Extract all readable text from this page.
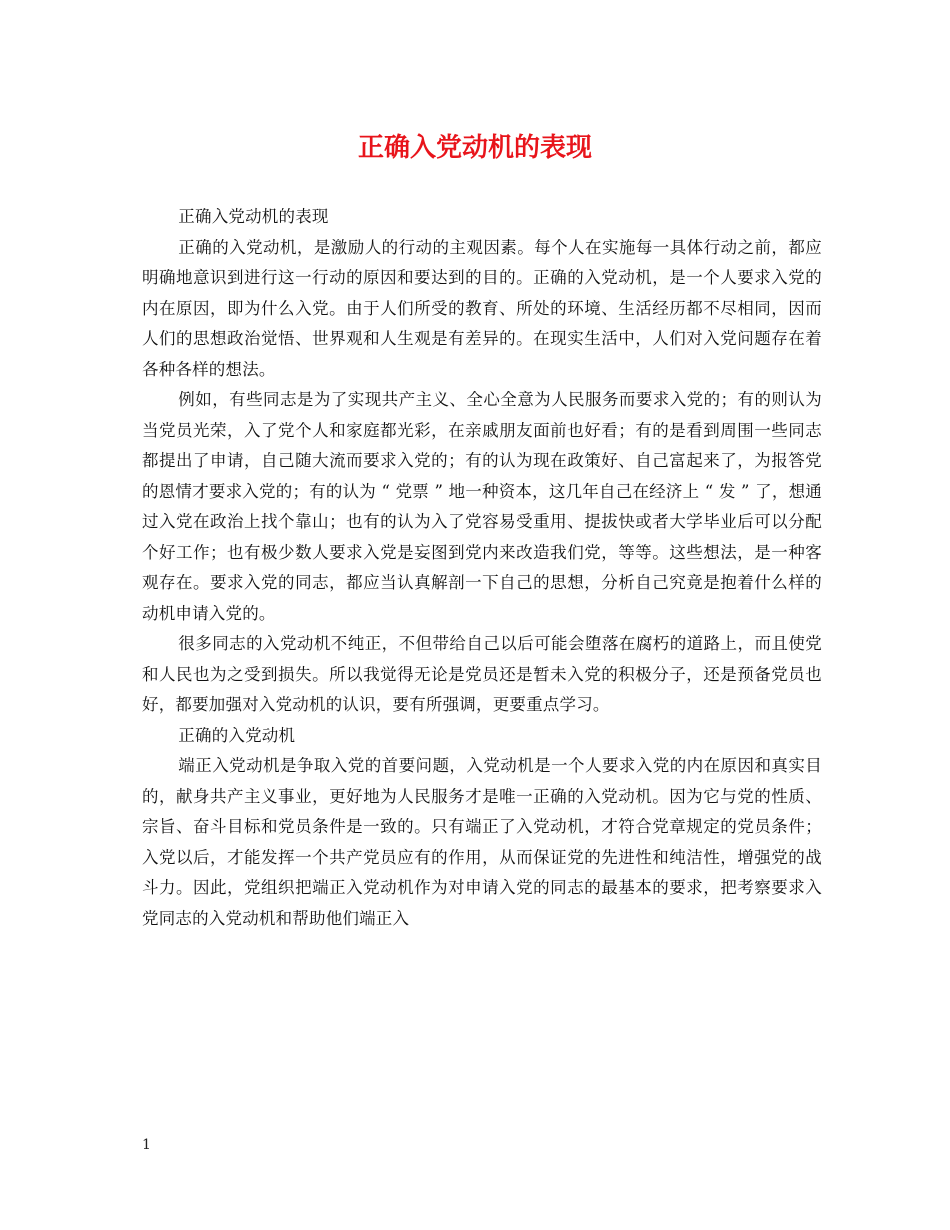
正确入党动机的表现

正确入党动机的表现

正确的入党动机，是激励人的行动的主观因素。每个人在实施每一具体行动之前，都应明确地意识到进行这一行动的原因和要达到的目的。正确的入党动机，是一个人要求入党的内在原因，即为什么入党。由于人们所受的教育、所处的环境、生活经历都不尽相同，因而人们的思想政治觉悟、世界观和人生观是有差异的。在现实生活中，人们对入党问题存在着各种各样的想法。

例如，有些同志是为了实现共产主义、全心全意为人民服务而要求入党的；有的则认为当党员光荣，入了党个人和家庭都光彩，在亲戚朋友面前也好看；有的是看到周围一些同志都提出了申请，自己随大流而要求入党的；有的认为现在政策好、自己富起来了，为报答党的恩情才要求入党的；有的认为 “ 党票 ” 地一种资本，这几年自己在经济上 “ 发 ” 了，想通过入党在政治上找个靠山；也有的认为入了党容易受重用、提拔快或者大学毕业后可以分配个好工作；也有极少数人要求入党是妄图到党内来改造我们党，等等。这些想法，是一种客观存在。要求入党的同志，都应当认真解剖一下自己的思想，分析自己究竟是抱着什么样的动机申请入党的。

很多同志的入党动机不纯正，不但带给自己以后可能会堕落在腐朽的道路上，而且使党和人民也为之受到损失。所以我觉得无论是党员还是暂未入党的积极分子，还是预备党员也好，都要加强对入党动机的认识，要有所强调，更要重点学习。

正确的入党动机

端正入党动机是争取入党的首要问题，入党动机是一个人要求入党的内在原因和真实目的，献身共产主义事业，更好地为人民服务才是唯一正确的入党动机。因为它与党的性质、宗旨、奋斗目标和党员条件是一致的。只有端正了入党动机，才符合党章规定的党员条件；入党以后，才能发挥一个共产党员应有的作用，从而保证党的先进性和纯洁性，增强党的战斗力。因此，党组织把端正入党动机作为对申请入党的同志的最基本的要求，把考察要求入党同志的入党动机和帮助他们端正入

1
